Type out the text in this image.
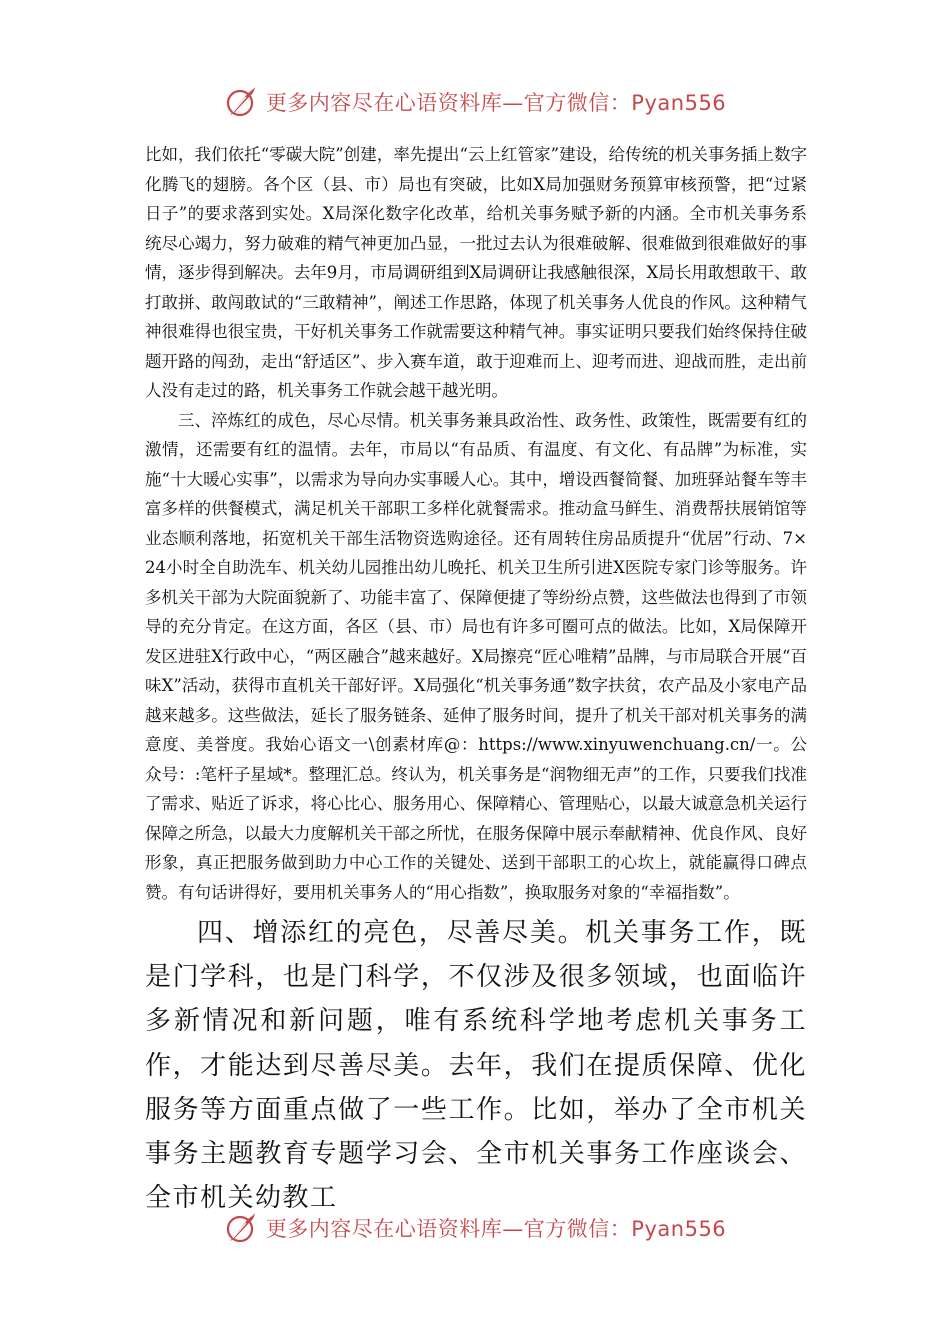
更多内容尽在心语资料库—官方微信：Pyan556

比如，我们依托“零碳大院”创建，率先提出“云上红管家”建设，给传统的机关事务插上数字化腾飞的翅膀。各个区（县、市）局也有突破，比如X局加强财务预算审核预警，把“过紧日子”的要求落到实处。X局深化数字化改革，给机关事务赋予新的内涵。全市机关事务系统尽心竭力，努力破难的精气神更加凸显，一批过去认为很难破解、很难做到很难做好的事情，逐步得到解决。去年9月，市局调研组到X局调研让我感触很深，X局长用敢想敢干、敢打敢拼、敢闯敢试的“三敢精神”，阐述工作思路，体现了机关事务人优良的作风。这种精气神很难得也很宝贵，干好机关事务工作就需要这种精气神。事实证明只要我们始终保持住破题开路的闯劲，走出“舒适区”、步入赛车道，敢于迎难而上、迎考而进、迎战而胜，走出前人没有走过的路，机关事务工作就会越干越光明。

三、淬炼红的成色，尽心尽情。机关事务兼具政治性、政务性、政策性，既需要有红的激情，还需要有红的温情。去年，市局以“有品质、有温度、有文化、有品牌”为标准，实施“十大暖心实事”，以需求为导向办实事暖人心。其中，增设西餐简餐、加班驿站餐车等丰富多样的供餐模式，满足机关干部职工多样化就餐需求。推动盒马鲜生、消费帮扶展销馆等业态顺利落地，拓宽机关干部生活物资选购途径。还有周转住房品质提升“优居”行动、7×24小时全自助洗车、机关幼儿园推出幼儿晚托、机关卫生所引进X医院专家门诊等服务。许多机关干部为大院面貌新了、功能丰富了、保障便捷了等纷纷点赞，这些做法也得到了市领导的充分肯定。在这方面，各区（县、市）局也有许多可圈可点的做法。比如，X局保障开发区进驻X行政中心，“两区融合”越来越好。X局擦亮“匠心唯精”品牌，与市局联合开展“百味X”活动，获得市直机关干部好评。X局强化“机关事务通”数字扶贫，农产品及小家电产品越来越多。这些做法，延长了服务链条、延伸了服务时间，提升了机关干部对机关事务的满意度、美誉度。我始心语文一\创素材库@：https://www.xinyuwenchuang.cn/一。公众号：:笔杆子星域*。整理汇总。终认为，机关事务是“润物细无声”的工作，只要我们找准了需求、贴近了诉求，将心比心、服务用心、保障精心、管理贴心，以最大诚意急机关运行保障之所急，以最大力度解机关干部之所忧，在服务保障中展示奉献精神、优良作风、良好形象，真正把服务做到助力中心工作的关键处、送到干部职工的心坎上，就能赢得口碑点赞。有句话讲得好，要用机关事务人的“用心指数”，换取服务对象的“幸福指数”。

四、增添红的亮色，尽善尽美。机关事务工作，既是门学科，也是门科学，不仅涉及很多领域，也面临许多新情况和新问题，唯有系统科学地考虑机关事务工作，才能达到尽善尽美。去年，我们在提质保障、优化服务等方面重点做了一些工作。比如，举办了全市机关事务主题教育专题学习会、全市机关事务工作座谈会、全市机关幼教工

更多内容尽在心语资料库—官方微信：Pyan556
